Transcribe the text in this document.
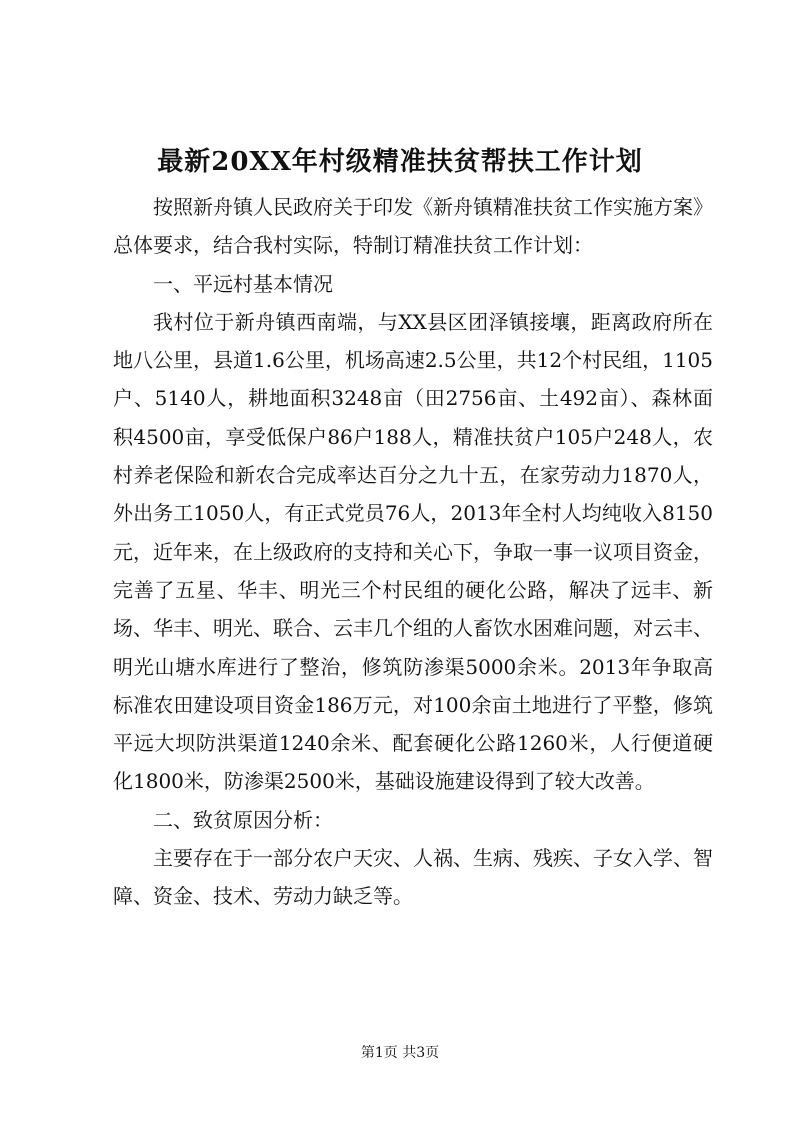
最新20XX年村级精准扶贫帮扶工作计划

按照新舟镇人民政府关于印发《新舟镇精准扶贫工作实施方案》总体要求，结合我村实际，特制订精准扶贫工作计划：

一、平远村基本情况

我村位于新舟镇西南端，与XX县区团泽镇接壤，距离政府所在地八公里，县道1.6公里，机场高速2.5公里，共12个村民组，1105户、5140人，耕地面积3248亩（田2756亩、土492亩）、森林面积4500亩，享受低保户86户188人，精准扶贫户105户248人，农村养老保险和新农合完成率达百分之九十五，在家劳动力1870人，外出务工1050人，有正式党员76人，2013年全村人均纯收入8150元，近年来，在上级政府的支持和关心下，争取一事一议项目资金，完善了五星、华丰、明光三个村民组的硬化公路，解决了远丰、新场、华丰、明光、联合、云丰几个组的人畜饮水困难问题，对云丰、明光山塘水库进行了整治，修筑防渗渠5000余米。2013年争取高标准农田建设项目资金186万元，对100余亩土地进行了平整，修筑平远大坝防洪渠道1240余米、配套硬化公路1260米，人行便道硬化1800米，防渗渠2500米，基础设施建设得到了较大改善。

二、致贫原因分析：

主要存在于一部分农户天灾、人祸、生病、残疾、子女入学、智障、资金、技术、劳动力缺乏等。

第1页 共3页
